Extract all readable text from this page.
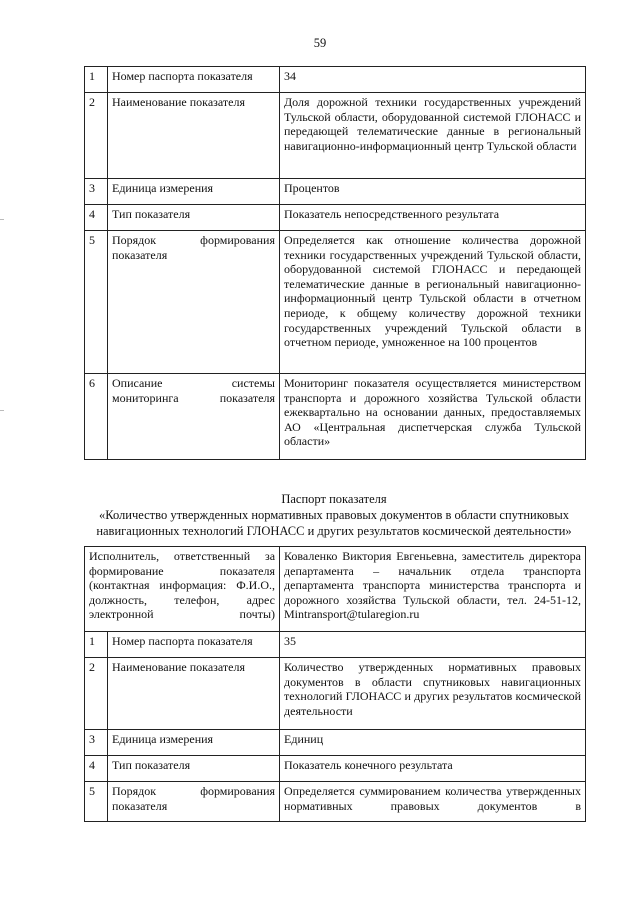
59
1	Номер паспорта показателя	34
2	Наименование показателя	Доля дорожной техники государственных учреждений Тульской области, оборудованной системой ГЛОНАСС и передающей телематические данные в региональный навигационно-информационный центр Тульской области
3	Единица измерения	Процентов
4	Тип показателя	Показатель непосредственного результата
5	Порядок формирования показателя	Определяется как отношение количества дорожной техники государственных учреждений Тульской области, оборудованной системой ГЛОНАСС и передающей телематические данные в региональный навигационно-информационный центр Тульской области в отчетном периоде, к общему количеству дорожной техники государственных учреждений Тульской области в отчетном периоде, умноженное на 100 процентов
6	Описание системы мониторинга показателя	Мониторинг показателя осуществляется министерством транспорта и дорожного хозяйства Тульской области ежеквартально на основании данных, предоставляемых АО «Центральная диспетчерская служба Тульской области»
Паспорт показателя
«Количество утвержденных нормативных правовых документов в области спутниковых навигационных технологий ГЛОНАСС и других результатов космической деятельности»
Исполнитель, ответственный за формирование показателя (контактная информация: Ф.И.О., должность, телефон, адрес электронной почты)		Коваленко Виктория Евгеньевна, заместитель директора департамента – начальник отдела транспорта департамента транспорта министерства транспорта и дорожного хозяйства Тульской области, тел. 24-51-12, Mintransport@tularegion.ru
1	Номер паспорта показателя	35
2	Наименование показателя	Количество утвержденных нормативных правовых документов в области спутниковых навигационных технологий ГЛОНАСС и других результатов космической деятельности
3	Единица измерения	Единиц
4	Тип показателя	Показатель конечного результата
5	Порядок формирования показателя	Определяется суммированием количества утвержденных нормативных правовых документов в
